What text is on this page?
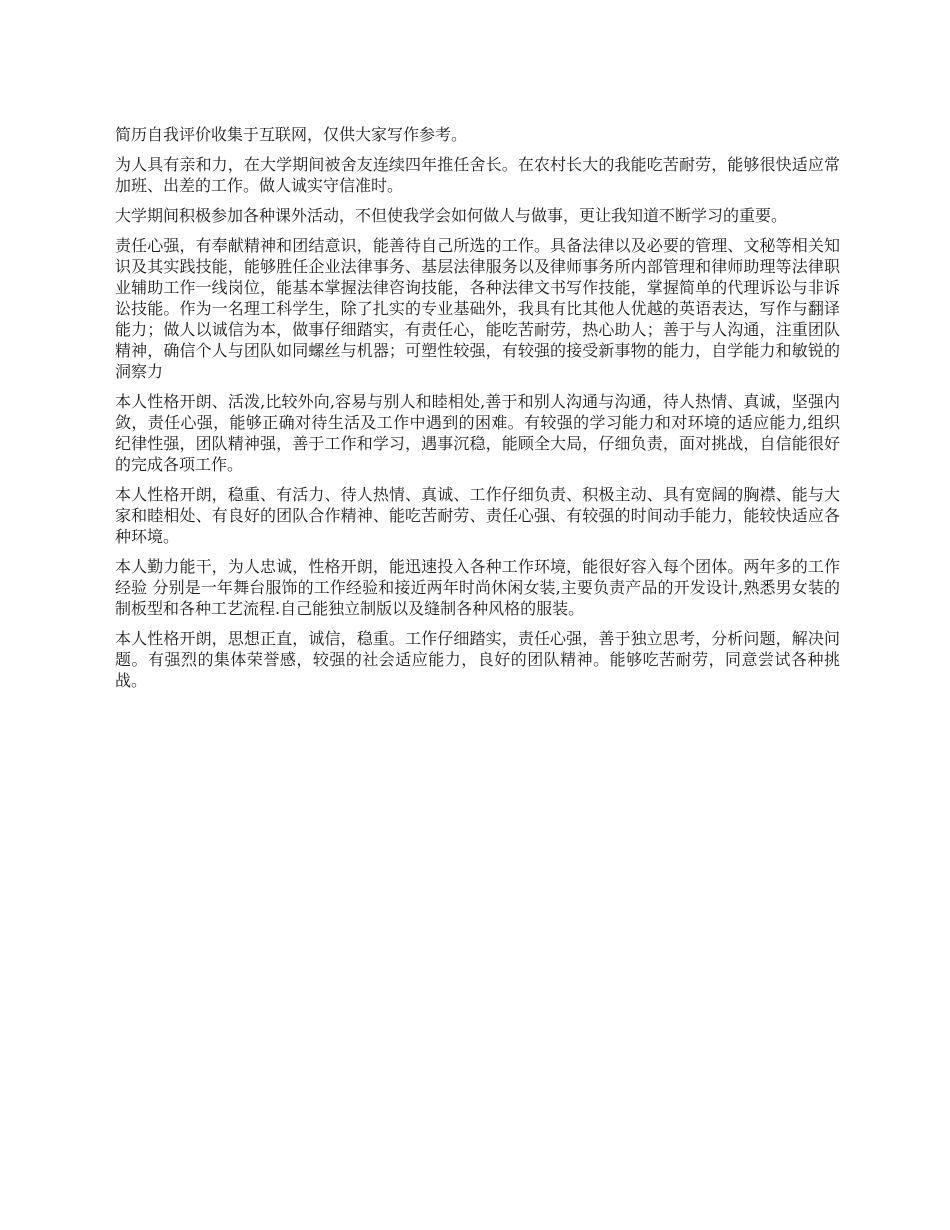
简历自我评价收集于互联网，仅供大家写作参考。

为人具有亲和力，在大学期间被舍友连续四年推任舍长。在农村长大的我能吃苦耐劳，能够很快适应常加班、出差的工作。做人诚实守信准时。

大学期间积极参加各种课外活动，不但使我学会如何做人与做事，更让我知道不断学习的重要。

责任心强，有奉献精神和团结意识，能善待自己所选的工作。具备法律以及必要的管理、文秘等相关知识及其实践技能，能够胜任企业法律事务、基层法律服务以及律师事务所内部管理和律师助理等法律职业辅助工作一线岗位，能基本掌握法律咨询技能，各种法律文书写作技能，掌握简单的代理诉讼与非诉讼技能。作为一名理工科学生，除了扎实的专业基础外，我具有比其他人优越的英语表达，写作与翻译能力；做人以诚信为本，做事仔细踏实，有责任心，能吃苦耐劳，热心助人；善于与人沟通，注重团队精神，确信个人与团队如同螺丝与机器；可塑性较强，有较强的接受新事物的能力，自学能力和敏锐的洞察力

本人性格开朗、活泼,比较外向,容易与别人和睦相处,善于和别人沟通与沟通，待人热情、真诚，坚强内敛，责任心强，能够正确对待生活及工作中遇到的困难。有较强的学习能力和对环境的适应能力,组织纪律性强，团队精神强，善于工作和学习，遇事沉稳，能顾全大局，仔细负责，面对挑战，自信能很好的完成各项工作。

本人性格开朗，稳重、有活力、待人热情、真诚、工作仔细负责、积极主动、具有宽阔的胸襟、能与大家和睦相处、有良好的团队合作精神、能吃苦耐劳、责任心强、有较强的时间动手能力，能较快适应各种环境。

本人勤力能干，为人忠诚，性格开朗，能迅速投入各种工作环境，能很好容入每个团体。两年多的工作经验 分别是一年舞台服饰的工作经验和接近两年时尚休闲女装,主要负责产品的开发设计,熟悉男女装的制板型和各种工艺流程.自己能独立制版以及缝制各种风格的服装。

本人性格开朗，思想正直，诚信，稳重。工作仔细踏实，责任心强，善于独立思考，分析问题，解决问题。有强烈的集体荣誉感，较强的社会适应能力，良好的团队精神。能够吃苦耐劳，同意尝试各种挑战。
